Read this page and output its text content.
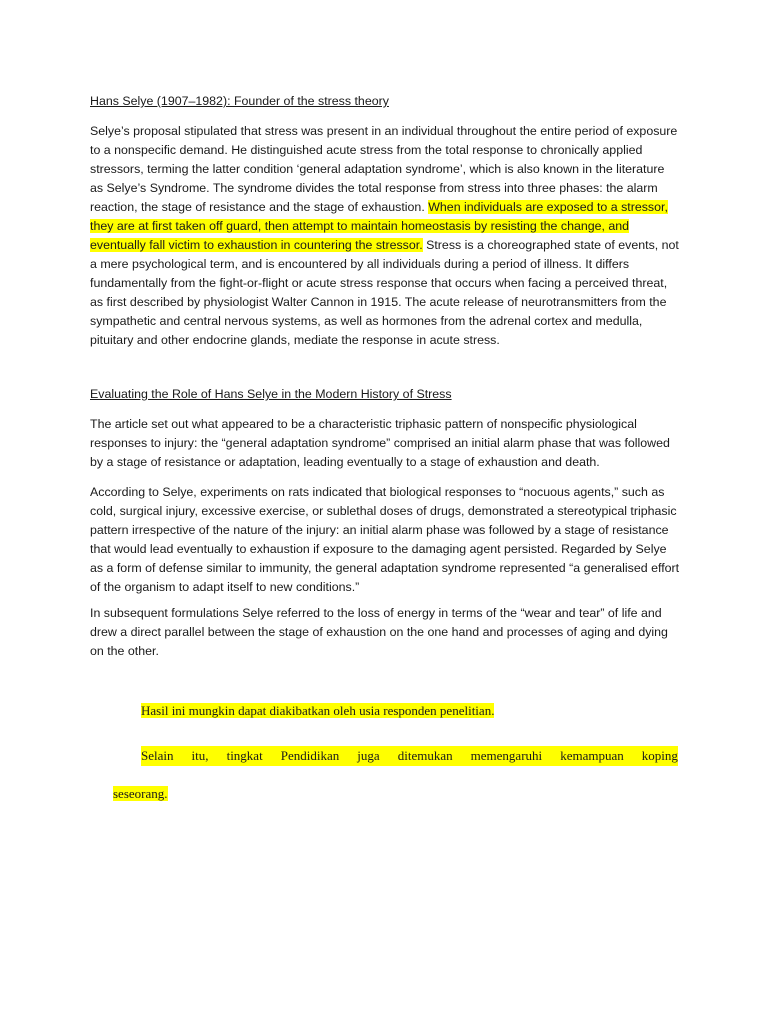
Hans Selye (1907–1982): Founder of the stress theory

Selye’s proposal stipulated that stress was present in an individual throughout the entire period of exposure to a nonspecific demand. He distinguished acute stress from the total response to chronically applied stressors, terming the latter condition ‘general adaptation syndrome’, which is also known in the literature as Selye’s Syndrome. The syndrome divides the total response from stress into three phases: the alarm reaction, the stage of resistance and the stage of exhaustion. When individuals are exposed to a stressor, they are at first taken off guard, then attempt to maintain homeostasis by resisting the change, and eventually fall victim to exhaustion in countering the stressor. Stress is a choreographed state of events, not a mere psychological term, and is encountered by all individuals during a period of illness. It differs fundamentally from the fight-or-flight or acute stress response that occurs when facing a perceived threat, as first described by physiologist Walter Cannon in 1915. The acute release of neurotransmitters from the sympathetic and central nervous systems, as well as hormones from the adrenal cortex and medulla, pituitary and other endocrine glands, mediate the response in acute stress.

Evaluating the Role of Hans Selye in the Modern History of Stress

The article set out what appeared to be a characteristic triphasic pattern of nonspecific physiological responses to injury: the “general adaptation syndrome” comprised an initial alarm phase that was followed by a stage of resistance or adaptation, leading eventually to a stage of exhaustion and death.

According to Selye, experiments on rats indicated that biological responses to “nocuous agents,” such as cold, surgical injury, excessive exercise, or sublethal doses of drugs, demonstrated a stereotypical triphasic pattern irrespective of the nature of the injury: an initial alarm phase was followed by a stage of resistance that would lead eventually to exhaustion if exposure to the damaging agent persisted. Regarded by Selye as a form of defense similar to immunity, the general adaptation syndrome represented “a generalised effort of the organism to adapt itself to new conditions.”

In subsequent formulations Selye referred to the loss of energy in terms of the “wear and tear” of life and drew a direct parallel between the stage of exhaustion on the one hand and processes of aging and dying on the other.

Hasil ini mungkin dapat diakibatkan oleh usia responden penelitian.
Selain itu, tingkat Pendidikan juga ditemukan memengaruhi kemampuan koping
seseorang.
